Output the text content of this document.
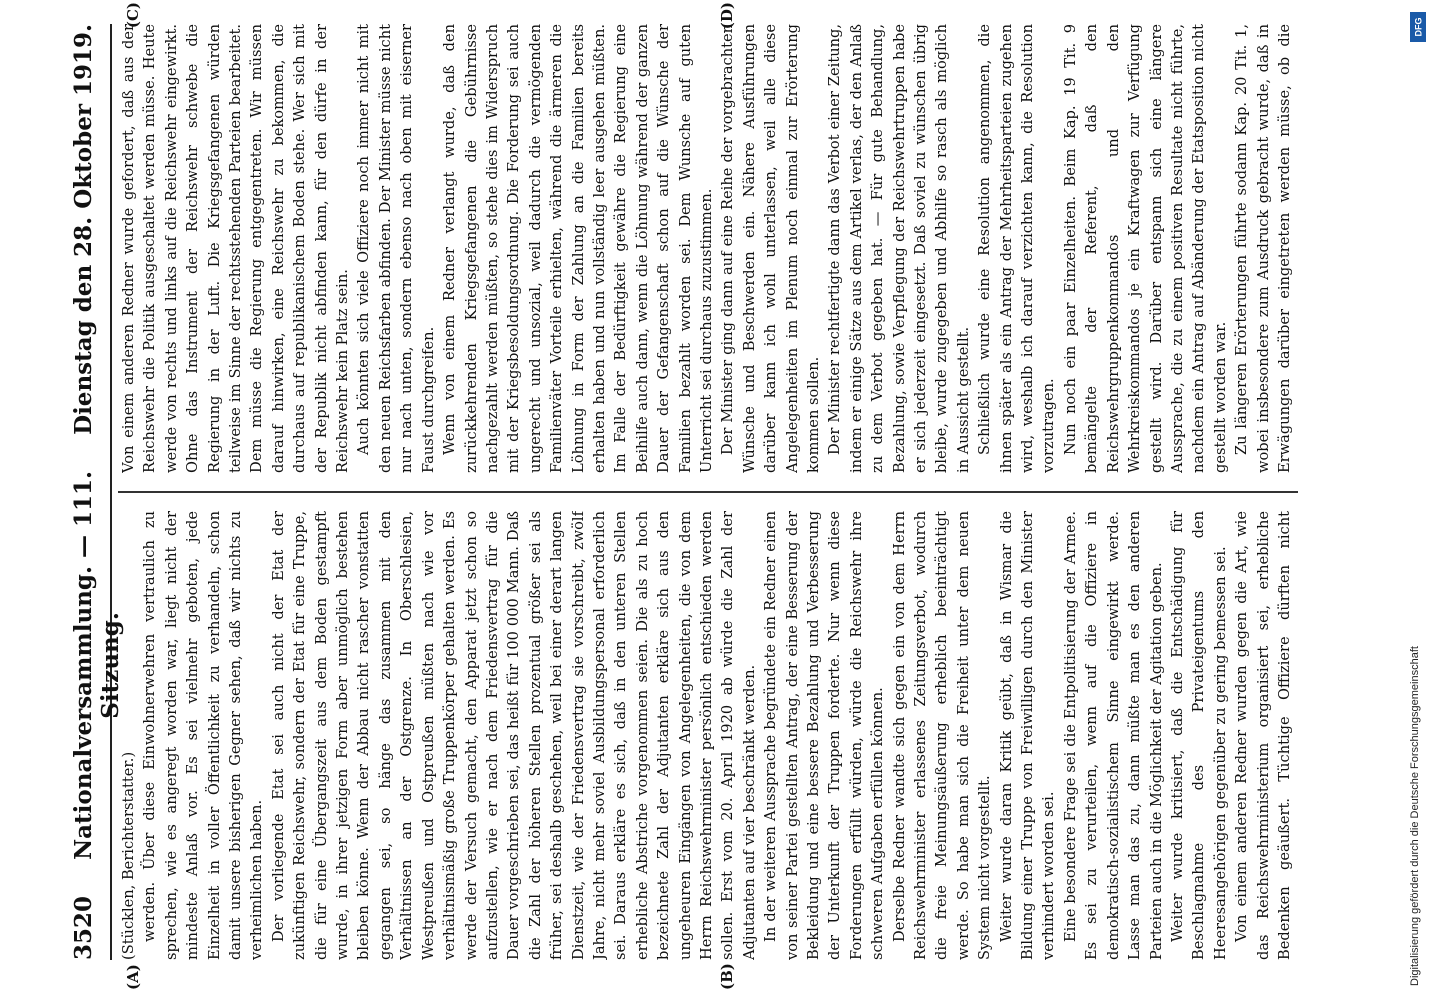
3520
Nationalversammlung. — 111. Sitzung.
Dienstag den 28. Oktober 1919.

(Stücklen, Berichterstatter.) werden. Über diese Einwohnerwehren vertraulich zu sprechen, wie es angeregt worden war, liegt nicht der mindeste Anlaß vor. Es sei vielmehr geboten, jede Einzelheit in voller Öffentlichkeit zu verhandeln, schon damit unsere bisherigen Gegner sehen, daß wir nichts zu verheimlichen haben. Der vorliegende Etat sei auch nicht der Etat der zukünftigen Reichswehr, sondern der Etat für eine Truppe, die für eine Übergangszeit aus dem Boden gestampft wurde, in ihrer jetzigen Form aber unmöglich bestehen bleiben könne. Wenn der Abbau nicht rascher vonstatten gegangen sei, so hänge das zusammen mit den Verhältnissen an der Ostgrenze. In Oberschlesien, Westpreußen und Ostpreußen müßten nach wie vor verhältnismäßig große Truppenkörper gehalten werden. Es werde der Versuch gemacht, den Apparat jetzt schon so aufzustellen, wie er nach dem Friedensvertrag für die Dauer vorgeschrieben sei, das heißt für 100 000 Mann. Daß die Zahl der höheren Stellen prozentual größer sei als früher, sei deshalb geschehen, weil bei einer derart langen Dienstzeit, wie der Friedensvertrag sie vorschreibt, zwölf Jahre, nicht mehr soviel Ausbildungspersonal erforderlich sei. Daraus erkläre es sich, daß in den unteren Stellen erhebliche Abstriche vorgenommen seien. Die als zu hoch bezeichnete Zahl der Adjutanten erkläre sich aus den ungeheuren Eingängen von Angelegenheiten, die von dem Herrn Reichswehrminister persönlich entschieden werden sollen. Erst vom 20. April 1920 ab würde die Zahl der Adjutanten auf vier beschränkt werden. In der weiteren Aussprache begründete ein Redner einen von seiner Partei gestellten Antrag, der eine Besserung der Bekleidung und eine bessere Bezahlung und Verbesserung der Unterkunft der Truppen forderte. Nur wenn diese Forderungen erfüllt würden, würde die Reichswehr ihre schweren Aufgaben erfüllen können. Derselbe Redner wandte sich gegen ein von dem Herrn Reichswehrminister erlassenes Zeitungsverbot, wodurch die freie Meinungsäußerung erheblich beeinträchtigt werde. So habe man sich die Freiheit unter dem neuen System nicht vorgestellt. Weiter wurde daran Kritik geübt, daß in Wismar die Bildung einer Truppe von Freiwilligen durch den Minister verhindert worden sei. Eine besondere Frage sei die Entpolitisierung der Armee. Es sei zu verurteilen, wenn auf die Offiziere in demokratisch-sozialistischem Sinne eingewirkt werde. Lasse man das zu, dann müßte man es den anderen Parteien auch in die Möglichkeit der Agitation geben. Weiter wurde kritisiert, daß die Entschädigung für Beschlagnahme des Privateigentums den Heeresangehörigen gegenüber zu gering bemessen sei. Von einem anderen Redner wurden gegen die Art, wie das Reichswehrministerium organisiert sei, erhebliche Bedenken geäußert. Tüchtige Offiziere dürften nicht

Von einem anderen Redner wurde gefordert, daß aus der Reichswehr die Politik ausgeschaltet werden müsse. Heute werde von rechts und links auf die Reichswehr eingewirkt. Ohne das Instrument der Reichswehr schwebe die Regierung in der Luft. Die Kriegsgefangenen würden teilweise im Sinne der rechtsstehenden Parteien bearbeitet. Dem müsse die Regierung entgegentreten. Wir müssen darauf hinwirken, eine Reichswehr zu bekommen, die durchaus auf republikanischem Boden stehe. Wer sich mit der Republik nicht abfinden kann, für den dürfe in der Reichswehr kein Platz sein. Auch könnten sich viele Offiziere noch immer nicht mit den neuen Reichsfarben abfinden. Der Minister müsse nicht nur nach unten, sondern ebenso nach oben mit eiserner Faust durchgreifen. Wenn von einem Redner verlangt wurde, daß den zurückkehrenden Kriegsgefangenen die Gebührnisse nachgezahlt werden müßten, so stehe dies im Widerspruch mit der Kriegsbesoldungsordnung. Die Forderung sei auch ungerecht und unsozial, weil dadurch die vermögenden Familienväter Vorteile erhielten, während die ärmeren die Löhnung in Form der Zahlung an die Familien bereits erhalten haben und nun vollständig leer ausgehen müßten. Im Falle der Bedürftigkeit gewähre die Regierung eine Beihilfe auch dann, wenn die Löhnung während der ganzen Dauer der Gefangenschaft schon auf die Wünsche der Familien bezahlt worden sei. Dem Wunsche auf guten Unterricht sei durchaus zuzustimmen. Der Minister ging dann auf eine Reihe der vorgebrachten Wünsche und Beschwerden ein. Nähere Ausführungen darüber kann ich wohl unterlassen, weil alle diese Angelegenheiten im Plenum noch einmal zur Erörterung kommen sollen. Der Minister rechtfertigte dann das Verbot einer Zeitung, indem er einige Sätze aus dem Artikel verlas, der den Anlaß zu dem Verbot gegeben hat. — Für gute Behandlung, Bezahlung, sowie Verpflegung der Reichswehrtruppen habe er sich jederzeit eingesetzt. Daß soviel zu wünschen übrig bleibe, wurde zugegeben und Abhilfe so rasch als möglich in Aussicht gestellt. Schließlich wurde eine Resolution angenommen, die ihnen später als ein Antrag der Mehrheitsparteien zugehen wird, weshalb ich darauf verzichten kann, die Resolution vorzutragen. Nun noch ein paar Einzelheiten. Beim Kap. 19 Tit. 9 bemängelte der Referent, daß den Reichswehrgruppenkommandos und den Wehrkreiskommandos je ein Kraftwagen zur Verfügung gestellt wird. Darüber entspann sich eine längere Aussprache, die zu einem positiven Resultate nicht führte, nachdem ein Antrag auf Abänderung der Etatsposition nicht gestellt worden war. Zu längeren Erörterungen führte sodann Kap. 20 Tit. 1, wobei insbesondere zum Ausdruck gebracht wurde, daß in Erwägungen darüber eingetreten werden müsse, ob die

(A)	(B)
(C)	(D)	DFG
Digitalisierung gefördert durch die Deutsche Forschungsgemeinschaft
